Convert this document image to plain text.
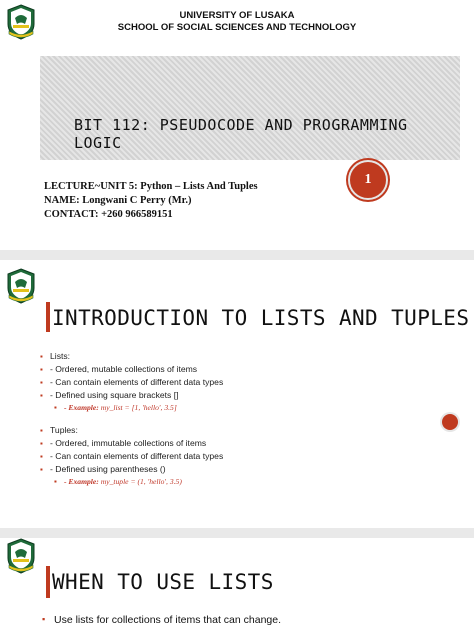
UNIVERSITY OF LUSAKA
SCHOOL OF SOCIAL SCIENCES AND TECHNOLOGY
BIT 112: PSEUDOCODE AND PROGRAMMING LOGIC
1
LECTURE~UNIT 5: Python – Lists And Tuples
NAME: Longwani C Perry (Mr.)
CONTACT: +260 966589151
INTRODUCTION TO LISTS AND TUPLES
▪ Lists:
▪ - Ordered, mutable collections of items
▪ - Can contain elements of different data types
▪ - Defined using square brackets []
▪ - Example: my_list = [1, 'hello', 3.5]
▪ Tuples:
▪ - Ordered, immutable collections of items
▪ - Can contain elements of different data types
▪ - Defined using parentheses ()
▪ - Example: my_tuple = (1, 'hello', 3.5)
WHEN TO USE LISTS
▪ Use lists for collections of items that can change.
